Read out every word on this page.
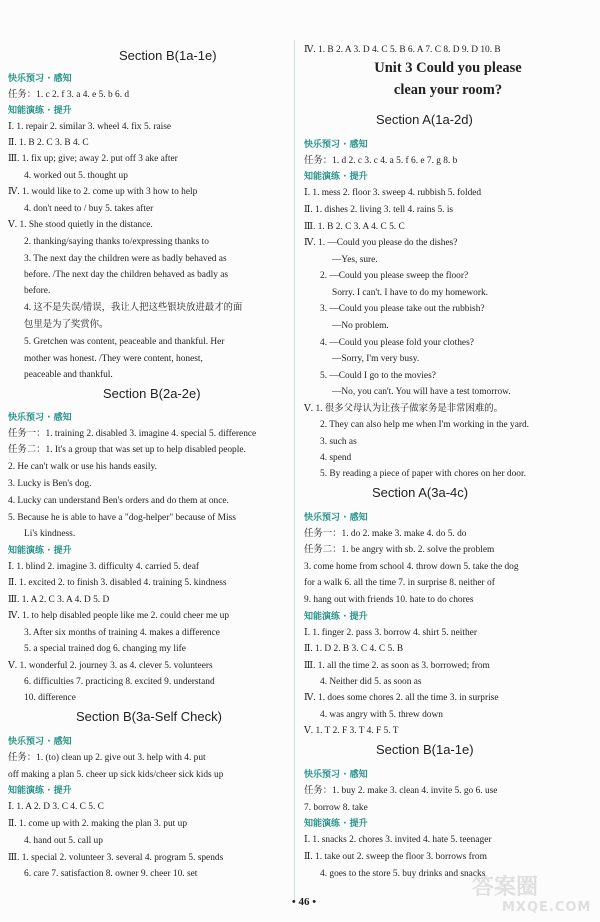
Section B(1a-1e)
快乐预习 · 感知
任务：1. c 2. f 3. a 4. e 5. b 6. d
知能演练 · 提升
Ⅰ. 1. repair 2. similar 3. wheel 4. fix 5. raise
Ⅱ. 1. B 2. C 3. B 4. C
Ⅲ. 1. fix up; give; away 2. put off 3 ake after
4. worked out 5. thought up
Ⅳ. 1. would like to 2. come up with 3 how to help
4. don't need to / buy 5. takes after
Ⅴ. 1. She stood quietly in the distance.
2. thanking/saying thanks to/expressing thanks to
3. The next day the children were as badly behaved as
before. /The next day the children behaved as badly as
before.
4. 这不是失误/错误，我让人把这些银块放进最才的面
包里是为了奖赏你。
5. Gretchen was content, peaceable and thankful. Her
mother was honest. /They were content, honest,
peaceable and thankful.
Section B(2a-2e)
快乐预习 · 感知
任务一：1. training 2. disabled 3. imagine 4. special 5. difference
任务二：1. It's a group that was set up to help disabled people.
2. He can't walk or use his hands easily.
3. Lucky is Ben's dog.
4. Lucky can understand Ben's orders and do them at once.
5. Because he is able to have a "dog-helper" because of Miss
Li's kindness.
知能演练 · 提升
Ⅰ. 1. blind 2. imagine 3. difficulty 4. carried 5. deaf
Ⅱ. 1. excited 2. to finish 3. disabled 4. training 5. kindness
Ⅲ. 1. A 2. C 3. A 4. D 5. D
Ⅳ. 1. to help disabled people like me 2. could cheer me up
3. After six months of training 4. makes a difference
5. a special trained dog 6. changing my life
Ⅴ. 1. wonderful 2. journey 3. as 4. clever 5. volunteers
6. difficulties 7. practicing 8. excited 9. understand
10. difference
Section B(3a-Self Check)
快乐预习 · 感知
任务：1. (to) clean up 2. give out 3. help with 4. put
off making a plan 5. cheer up sick kids/cheer sick kids up
知能演练 · 提升
Ⅰ. 1. A 2. D 3. C 4. C 5. C
Ⅱ. 1. come up with 2. making the plan 3. put up
4. hand out 5. call up
Ⅲ. 1. special 2. volunteer 3. several 4. program 5. spends
6. care 7. satisfaction 8. owner 9. cheer 10. set
Ⅳ. 1. B 2. A 3. D 4. C 5. B 6. A 7. C 8. D 9. D 10. B
Unit 3 Could you please
clean your room?
Section A(1a-2d)
快乐预习 · 感知
任务：1. d 2. c 3. c 4. a 5. f 6. e 7. g 8. b
知能演练 · 提升
Ⅰ. 1. mess 2. floor 3. sweep 4. rubbish 5. folded
Ⅱ. 1. dishes 2. living 3. tell 4. rains 5. is
Ⅲ. 1. B 2. C 3. A 4. C 5. C
Ⅳ. 1. —Could you please do the dishes?
—Yes, sure.
2. —Could you please sweep the floor?
Sorry. I can't. I have to do my homework.
3. —Could you please take out the rubbish?
—No problem.
4. —Could you please fold your clothes?
—Sorry, I'm very busy.
5. —Could I go to the movies?
—No, you can't. You will have a test tomorrow.
Ⅴ. 1. 很多父母认为让孩子做家务是非常困难的。
2. They can also help me when I'm working in the yard.
3. such as
4. spend
5. By reading a piece of paper with chores on her door.
Section A(3a-4c)
快乐预习 · 感知
任务一：1. do 2. make 3. make 4. do 5. do
任务二：1. be angry with sb. 2. solve the problem
3. come home from school 4. throw down 5. take the dog
for a walk 6. all the time 7. in surprise 8. neither of
9. hang out with friends 10. hate to do chores
知能演练 · 提升
Ⅰ. 1. finger 2. pass 3. borrow 4. shirt 5. neither
Ⅱ. 1. D 2. B 3. C 4. C 5. B
Ⅲ. 1. all the time 2. as soon as 3. borrowed; from
4. Neither did 5. as soon as
Ⅳ. 1. does some chores 2. all the time 3. in surprise
4. was angry with 5. threw down
Ⅴ. 1. T 2. F 3. T 4. F 5. T
Section B(1a-1e)
快乐预习 · 感知
任务：1. buy 2. make 3. clean 4. invite 5. go 6. use
7. borrow 8. take
知能演练 · 提升
Ⅰ. 1. snacks 2. chores 3. invited 4. hate 5. teenager
Ⅱ. 1. take out 2. sweep the floor 3. borrows from
4. goes to the store 5. buy drinks and snacks
• 46 •
答案圈
MXQE.COM
